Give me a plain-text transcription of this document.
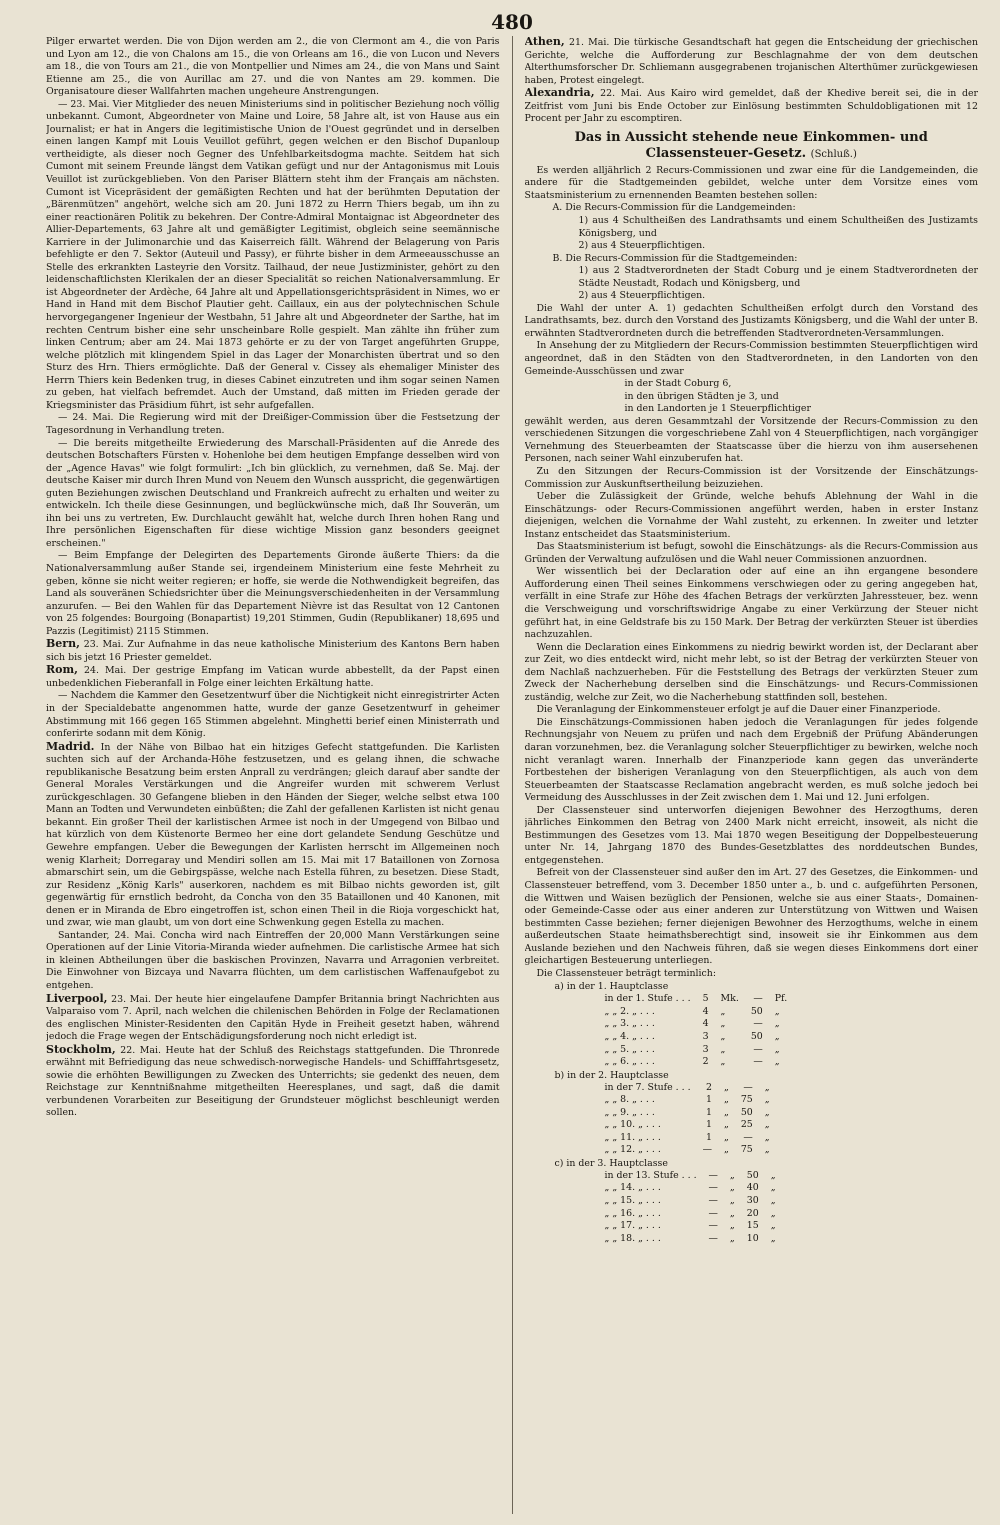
480

Pilger erwartet werden. Die von Dijon werden am 2., die von Clermont am 4., die von Paris und Lyon am 12., die von Chalons am 15., die von Orleans am 16., die von Lucon und Nevers am 18., die von Tours am 21., die von Montpellier und Nimes am 24., die von Mans und Saint Etienne am 25., die von Aurillac am 27. und die von Nantes am 29. kommen. Die Organisatoure dieser Wallfahrten machen ungeheure Anstrengungen.

— 23. Mai. Vier Mitglieder des neuen Ministeriums sind in politischer Beziehung noch völlig unbekannt. Cumont, Abgeordneter von Maine und Loire, 58 Jahre alt, ist von Hause aus ein Journalist; er hat in Angers die legitimistische Union de l'Ouest gegründet und in derselben einen langen Kampf mit Louis Veuillot geführt, gegen welchen er den Bischof Dupanloup vertheidigte, als dieser noch Gegner des Unfehlbarkeitsdogma machte. Seitdem hat sich Cumont mit seinem Freunde längst dem Vatikan gefügt und nur der Antagonismus mit Louis Veuillot ist zurückgeblieben. Von den Pariser Blättern steht ihm der Français am nächsten. Cumont ist Vicepräsident der gemäßigten Rechten und hat der berühmten Deputation der „Bärenmützen" angehört, welche sich am 20. Juni 1872 zu Herrn Thiers begab, um ihn zu einer reactionären Politik zu bekehren. Der Contre-Admiral Montaignac ist Abgeordneter des Allier-Departements, 63 Jahre alt und gemäßigter Legitimist, obgleich seine seemännische Karriere in der Julimonarchie und das Kaiserreich fällt. Während der Belagerung von Paris befehligte er den 7. Sektor (Auteuil und Passy), er führte bisher in dem Armeeausschusse an Stelle des erkrankten Lasteyrie den Vorsitz. Tailhaud, der neue Justizminister, gehört zu den leidenschaftlichsten Klerikalen der an dieser Specialität so reichen Nationalversammlung. Er ist Abgeordneter der Ardèche, 64 Jahre alt und Appellationsgerichtspräsident in Nimes, wo er Hand in Hand mit dem Bischof Plautier geht. Caillaux, ein aus der polytechnischen Schule hervorgegangener Ingenieur der Westbahn, 51 Jahre alt und Abgeordneter der Sarthe, hat im rechten Centrum bisher eine sehr unscheinbare Rolle gespielt. Man zählte ihn früher zum linken Centrum; aber am 24. Mai 1873 gehörte er zu der von Target angeführten Gruppe, welche plötzlich mit klingendem Spiel in das Lager der Monarchisten übertrat und so den Sturz des Hrn. Thiers ermöglichte. Daß der General v. Cissey als ehemaliger Minister des Herrn Thiers kein Bedenken trug, in dieses Cabinet einzutreten und ihm sogar seinen Namen zu geben, hat vielfach befremdet. Auch der Umstand, daß mitten im Frieden gerade der Kriegsminister das Präsidium führt, ist sehr aufgefallen.

— 24. Mai. Die Regierung wird mit der Dreißiger-Commission über die Festsetzung der Tagesordnung in Verhandlung treten.

— Die bereits mitgetheilte Erwiederung des Marschall-Präsidenten auf die Anrede des deutschen Botschafters Fürsten v. Hohenlohe bei dem heutigen Empfange desselben wird von der „Agence Havas" wie folgt formulirt: „Ich bin glücklich, zu vernehmen, daß Se. Maj. der deutsche Kaiser mir durch Ihren Mund von Neuem den Wunsch ausspricht, die gegenwärtigen guten Beziehungen zwischen Deutschland und Frankreich aufrecht zu erhalten und weiter zu entwickeln. Ich theile diese Gesinnungen, und beglückwünsche mich, daß Ihr Souverän, um ihn bei uns zu vertreten, Ew. Durchlaucht gewählt hat, welche durch Ihren hohen Rang und Ihre persönlichen Eigenschaften für diese wichtige Mission ganz besonders geeignet erscheinen."

— Beim Empfange der Delegirten des Departements Gironde äußerte Thiers: da die Nationalversammlung außer Stande sei, irgendeinem Ministerium eine feste Mehrheit zu geben, könne sie nicht weiter regieren; er hoffe, sie werde die Nothwendigkeit begreifen, das Land als souveränen Schiedsrichter über die Meinungsverschiedenheiten in der Versammlung anzurufen. — Bei den Wahlen für das Departement Nièvre ist das Resultat von 12 Cantonen von 25 folgendes: Bourgoing (Bonapartist) 19,201 Stimmen, Gudin (Republikaner) 18,695 und Pazzis (Legitimist) 2115 Stimmen.

Bern, 23. Mai. Zur Aufnahme in das neue katholische Ministerium des Kantons Bern haben sich bis jetzt 16 Priester gemeldet.

Rom, 24. Mai. Der gestrige Empfang im Vatican wurde abbestellt, da der Papst einen unbedenklichen Fieberanfall in Folge einer leichten Erkältung hatte.

— Nachdem die Kammer den Gesetzentwurf über die Nichtigkeit nicht einregistrirter Acten in der Specialdebatte angenommen hatte, wurde der ganze Gesetzentwurf in geheimer Abstimmung mit 166 gegen 165 Stimmen abgelehnt. Minghetti berief einen Ministerrath und conferirte sodann mit dem König.

Madrid. In der Nähe von Bilbao hat ein hitziges Gefecht stattgefunden. Die Karlisten suchten sich auf der Archanda-Höhe festzusetzen, und es gelang ihnen, die schwache republikanische Besatzung beim ersten Anprall zu verdrängen; gleich darauf aber sandte der General Morales Verstärkungen und die Angreifer wurden mit schwerem Verlust zurückgeschlagen. 30 Gefangene blieben in den Händen der Sieger, welche selbst etwa 100 Mann an Todten und Verwundeten einbüßten; die Zahl der gefallenen Karlisten ist nicht genau bekannt. Ein großer Theil der karlistischen Armee ist noch in der Umgegend von Bilbao und hat kürzlich von dem Küstenorte Bermeo her eine dort gelandete Sendung Geschütze und Gewehre empfangen. Ueber die Bewegungen der Karlisten herrscht im Allgemeinen noch wenig Klarheit; Dorregaray und Mendiri sollen am 15. Mai mit 17 Bataillonen von Zornosa abmarschirt sein, um die Gebirgspässe, welche nach Estella führen, zu besetzen. Diese Stadt, zur Residenz „König Karls" auserkoren, nachdem es mit Bilbao nichts geworden ist, gilt gegenwärtig für ernstlich bedroht, da Concha von den 35 Bataillonen und 40 Kanonen, mit denen er in Miranda de Ebro eingetroffen ist, schon einen Theil in die Rioja vorgeschickt hat, und zwar, wie man glaubt, um von dort eine Schwenkung gegen Estella zu machen.

Santander, 24. Mai. Concha wird nach Eintreffen der 20,000 Mann Verstärkungen seine Operationen auf der Linie Vitoria-Miranda wieder aufnehmen. Die carlistische Armee hat sich in kleinen Abtheilungen über die baskischen Provinzen, Navarra und Arragonien verbreitet. Die Einwohner von Bizcaya und Navarra flüchten, um dem carlistischen Waffenaufgebot zu entgehen.

Liverpool, 23. Mai. Der heute hier eingelaufene Dampfer Britannia bringt Nachrichten aus Valparaiso vom 7. April, nach welchen die chilenischen Behörden in Folge der Reclamationen des englischen Minister-Residenten den Capitän Hyde in Freiheit gesetzt haben, während jedoch die Frage wegen der Entschädigungsforderung noch nicht erledigt ist.

Stockholm, 22. Mai. Heute hat der Schluß des Reichstags stattgefunden. Die Thronrede erwähnt mit Befriedigung das neue schwedisch-norwegische Handels- und Schifffahrtsgesetz, sowie die erhöhten Bewilligungen zu Zwecken des Unterrichts; sie gedenkt des neuen, dem Reichstage zur Kenntnißnahme mitgetheilten Heeresplanes, und sagt, daß die damit verbundenen Vorarbeiten zur Beseitigung der Grundsteuer möglichst beschleunigt werden sollen.

Athen, 21. Mai. Die türkische Gesandtschaft hat gegen die Entscheidung der griechischen Gerichte, welche die Aufforderung zur Beschlagnahme der von dem deutschen Alterthumsforscher Dr. Schliemann ausgegrabenen trojanischen Alterthümer zurückgewiesen haben, Protest eingelegt.

Alexandria, 22. Mai. Aus Kairo wird gemeldet, daß der Khedive bereit sei, die in der Zeitfrist vom Juni bis Ende October zur Einlösung bestimmten Schuldobligationen mit 12 Procent per Jahr zu escomptiren.

Das in Aussicht stehende neue Einkommen- und Classensteuer-Gesetz. (Schluß.)

Es werden alljährlich 2 Recurs-Commissionen und zwar eine für die Landgemeinden, die andere für die Stadtgemeinden gebildet, welche unter dem Vorsitze eines vom Staatsministerium zu ernennenden Beamten bestehen sollen:

A. Die Recurs-Commission für die Landgemeinden:
1) aus 4 Schultheißen des Landrathsamts und einem Schultheißen des Justizamts Königsberg, und
2) aus 4 Steuerpflichtigen.
B. Die Recurs-Commission für die Stadtgemeinden:
1) aus 2 Stadtverordneten der Stadt Coburg und je einem Stadtverordneten der Städte Neustadt, Rodach und Königsberg, und
2) aus 4 Steuerpflichtigen.

Die Wahl der unter A. 1) gedachten Schultheißen erfolgt durch den Vorstand des Landrathsamts, bez. durch den Vorstand des Justizamts Königsberg, und die Wahl der unter B. erwähnten Stadtverordneten durch die betreffenden Stadtverordneten-Versammlungen.

In Ansehung der zu Mitgliedern der Recurs-Commission bestimmten Steuerpflichtigen wird angeordnet, daß in den Städten von den Stadtverordneten, in den Landorten von den Gemeinde-Ausschüssen und zwar

in der Stadt Coburg 6,
in den übrigen Städten je 3, und
in den Landorten je 1 Steuerpflichtiger

gewählt werden, aus deren Gesammtzahl der Vorsitzende der Recurs-Commission zu den verschiedenen Sitzungen die vorgeschriebene Zahl von 4 Steuerpflichtigen, nach vorgängiger Vernehmung des Steuerbeamten der Staatscasse über die hierzu von ihm ausersehenen Personen, nach seiner Wahl einzuberufen hat.

Zu den Sitzungen der Recurs-Commission ist der Vorsitzende der Einschätzungs-Commission zur Auskunftsertheilung beizuziehen.

Ueber die Zulässigkeit der Gründe, welche behufs Ablehnung der Wahl in die Einschätzungs- oder Recurs-Commissionen angeführt werden, haben in erster Instanz diejenigen, welchen die Vornahme der Wahl zusteht, zu erkennen. In zweiter und letzter Instanz entscheidet das Staatsministerium.

Das Staatsministerium ist befugt, sowohl die Einschätzungs- als die Recurs-Commission aus Gründen der Verwaltung aufzulösen und die Wahl neuer Commissionen anzuordnen.

Wer wissentlich bei der Declaration oder auf eine an ihn ergangene besondere Aufforderung einen Theil seines Einkommens verschwiegen oder zu gering angegeben hat, verfällt in eine Strafe zur Höhe des 4fachen Betrags der verkürzten Jahressteuer, bez. wenn die Verschweigung und vorschriftswidrige Angabe zu einer Verkürzung der Steuer nicht geführt hat, in eine Geldstrafe bis zu 150 Mark. Der Betrag der verkürzten Steuer ist überdies nachzuzahlen.

Wenn die Declaration eines Einkommens zu niedrig bewirkt worden ist, der Declarant aber zur Zeit, wo dies entdeckt wird, nicht mehr lebt, so ist der Betrag der verkürzten Steuer von dem Nachlaß nachzuerheben. Für die Feststellung des Betrags der verkürzten Steuer zum Zweck der Nacherhebung derselben sind die Einschätzungs- und Recurs-Commissionen zuständig, welche zur Zeit, wo die Nacherhebung stattfinden soll, bestehen.

Die Veranlagung der Einkommensteuer erfolgt je auf die Dauer einer Finanzperiode.

Die Einschätzungs-Commissionen haben jedoch die Veranlagungen für jedes folgende Rechnungsjahr von Neuem zu prüfen und nach dem Ergebniß der Prüfung Abänderungen daran vorzunehmen, bez. die Veranlagung solcher Steuerpflichtiger zu bewirken, welche noch nicht veranlagt waren. Innerhalb der Finanzperiode kann gegen das unveränderte Fortbestehen der bisherigen Veranlagung von den Steuerpflichtigen, als auch von dem Steuerbeamten der Staatscasse Reclamation angebracht werden, es muß solche jedoch bei Vermeidung des Ausschlusses in der Zeit zwischen dem 1. Mai und 12. Juni erfolgen.

Der Classensteuer sind unterworfen diejenigen Bewohner des Herzogthums, deren jährliches Einkommen den Betrag von 2400 Mark nicht erreicht, insoweit, als nicht die Bestimmungen des Gesetzes vom 13. Mai 1870 wegen Beseitigung der Doppelbesteuerung unter Nr. 14, Jahrgang 1870 des Bundes-Gesetzblattes des norddeutschen Bundes, entgegenstehen.

Befreit von der Classensteuer sind außer den im Art. 27 des Gesetzes, die Einkommen- und Classensteuer betreffend, vom 3. December 1850 unter a., b. und c. aufgeführten Personen, die Wittwen und Waisen bezüglich der Pensionen, welche sie aus einer Staats-, Domainen- oder Gemeinde-Casse oder aus einer anderen zur Unterstützung von Wittwen und Waisen bestimmten Casse beziehen; ferner diejenigen Bewohner des Herzogthums, welche in einem außerdeutschen Staate heimathsberechtigt sind, insoweit sie ihr Einkommen aus dem Auslande beziehen und den Nachweis führen, daß sie wegen dieses Einkommens dort einer gleichartigen Besteuerung unterliegen.

Die Classensteuer beträgt terminlich:

a) in der 1. Hauptclasse
in der 1. Stufe . . .	5	Mk.	—	Pf.
„ „ 2. „ . . .	4	„	50	„
„ „ 3. „ . . .	4	„	—	„
„ „ 4. „ . . .	3	„	50	„
„ „ 5. „ . . .	3	„	—	„
„ „ 6. „ . . .	2	„	—	„
b) in der 2. Hauptclasse
in der 7. Stufe . . .	2	„	—	„
„ „ 8. „ . . .	1	„	75	„
„ „ 9. „ . . .	1	„	50	„
„ „ 10. „ . . .	1	„	25	„
„ „ 11. „ . . .	1	„	—	„
„ „ 12. „ . . .	—	„	75	„
c) in der 3. Hauptclasse
in der 13. Stufe . . .	—	„	50	„
„ „ 14. „ . . .	—	„	40	„
„ „ 15. „ . . .	—	„	30	„
„ „ 16. „ . . .	—	„	20	„
„ „ 17. „ . . .	—	„	15	„
„ „ 18. „ . . .	—	„	10	„
